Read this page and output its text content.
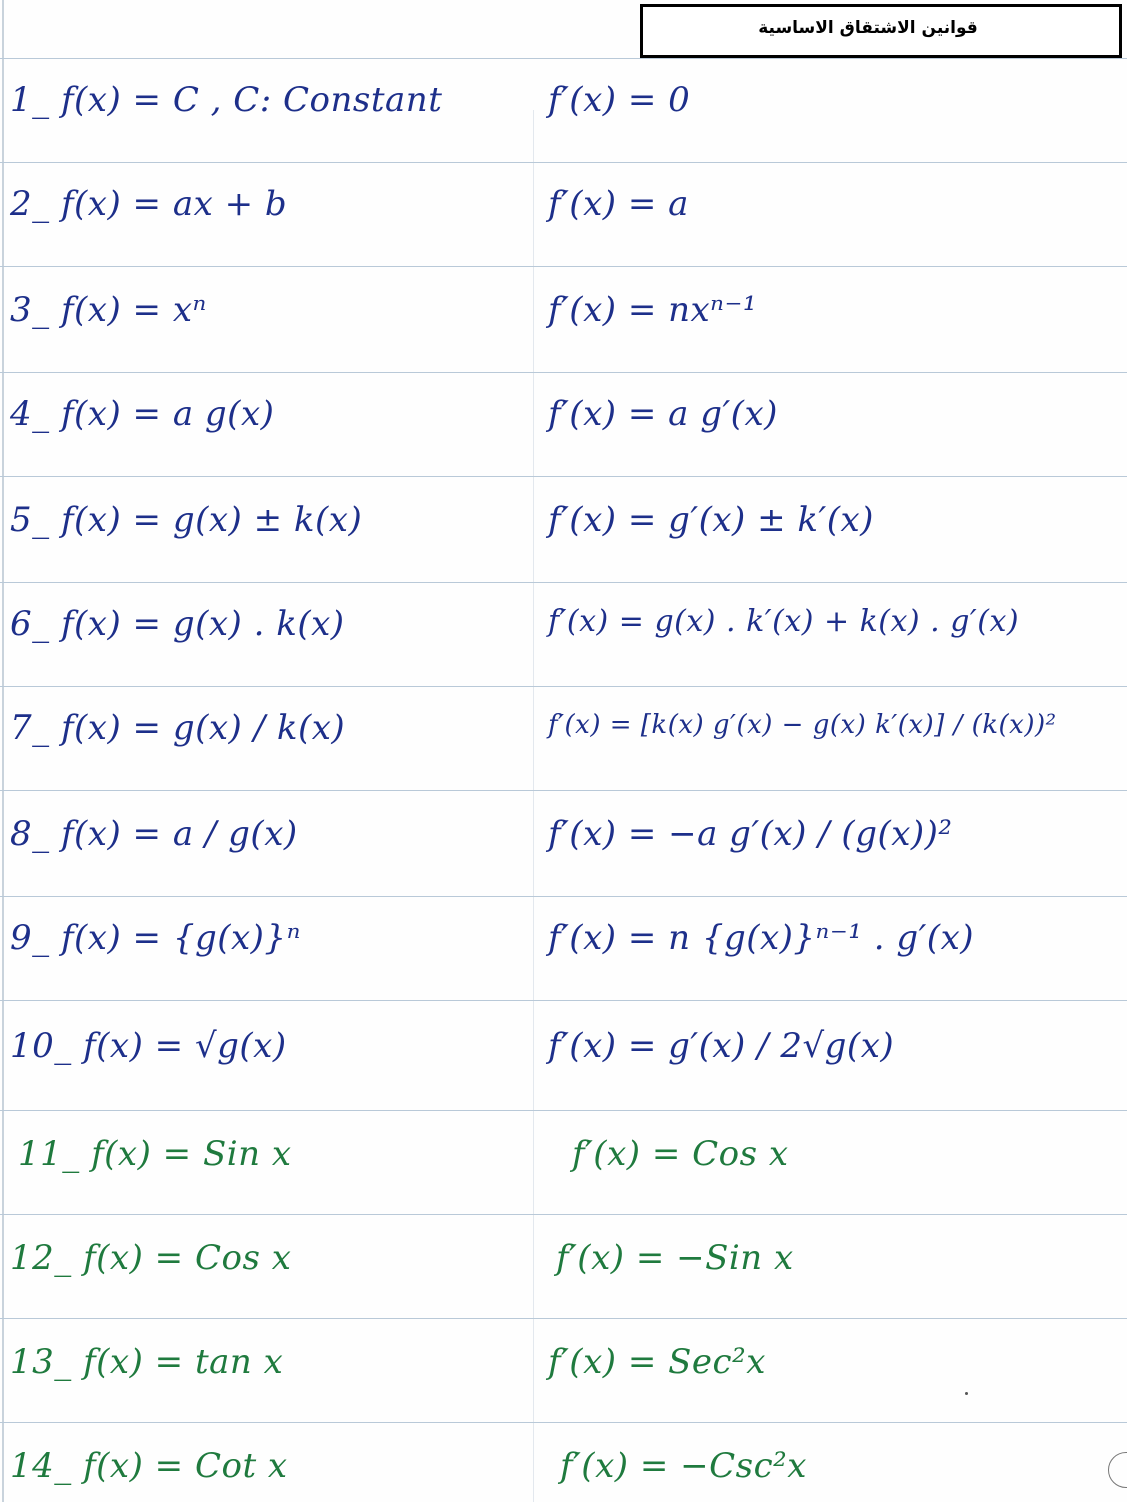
قوانين الاشتقاق الاساسية
1_ f(x) = C , C: Constant	f′(x) = 0
2_ f(x) = ax + b	f′(x) = a
3_ f(x) = xⁿ	f′(x) = nxⁿ⁻¹
4_ f(x) = a g(x)	f′(x) = a g′(x)
5_ f(x) = g(x) ± k(x)	f′(x) = g′(x) ± k′(x)
6_ f(x) = g(x) . k(x)	f′(x) = g(x) . k′(x) + k(x) . g′(x)
7_ f(x) = g(x) / k(x)	f′(x) = [k(x) g′(x) − g(x) k′(x)] / (k(x))²
8_ f(x) = a / g(x)	f′(x) = −a g′(x) / (g(x))²
9_ f(x) = {g(x)}ⁿ	f′(x) = n {g(x)}ⁿ⁻¹ . g′(x)
10_ f(x) = √g(x)	f′(x) = g′(x) / 2√g(x)
11_ f(x) = Sin x	f′(x) = Cos x
12_ f(x) = Cos x	f′(x) = −Sin x
13_ f(x) = tan x	f′(x) = Sec²x
14_ f(x) = Cot x	f′(x) = −Csc²x
